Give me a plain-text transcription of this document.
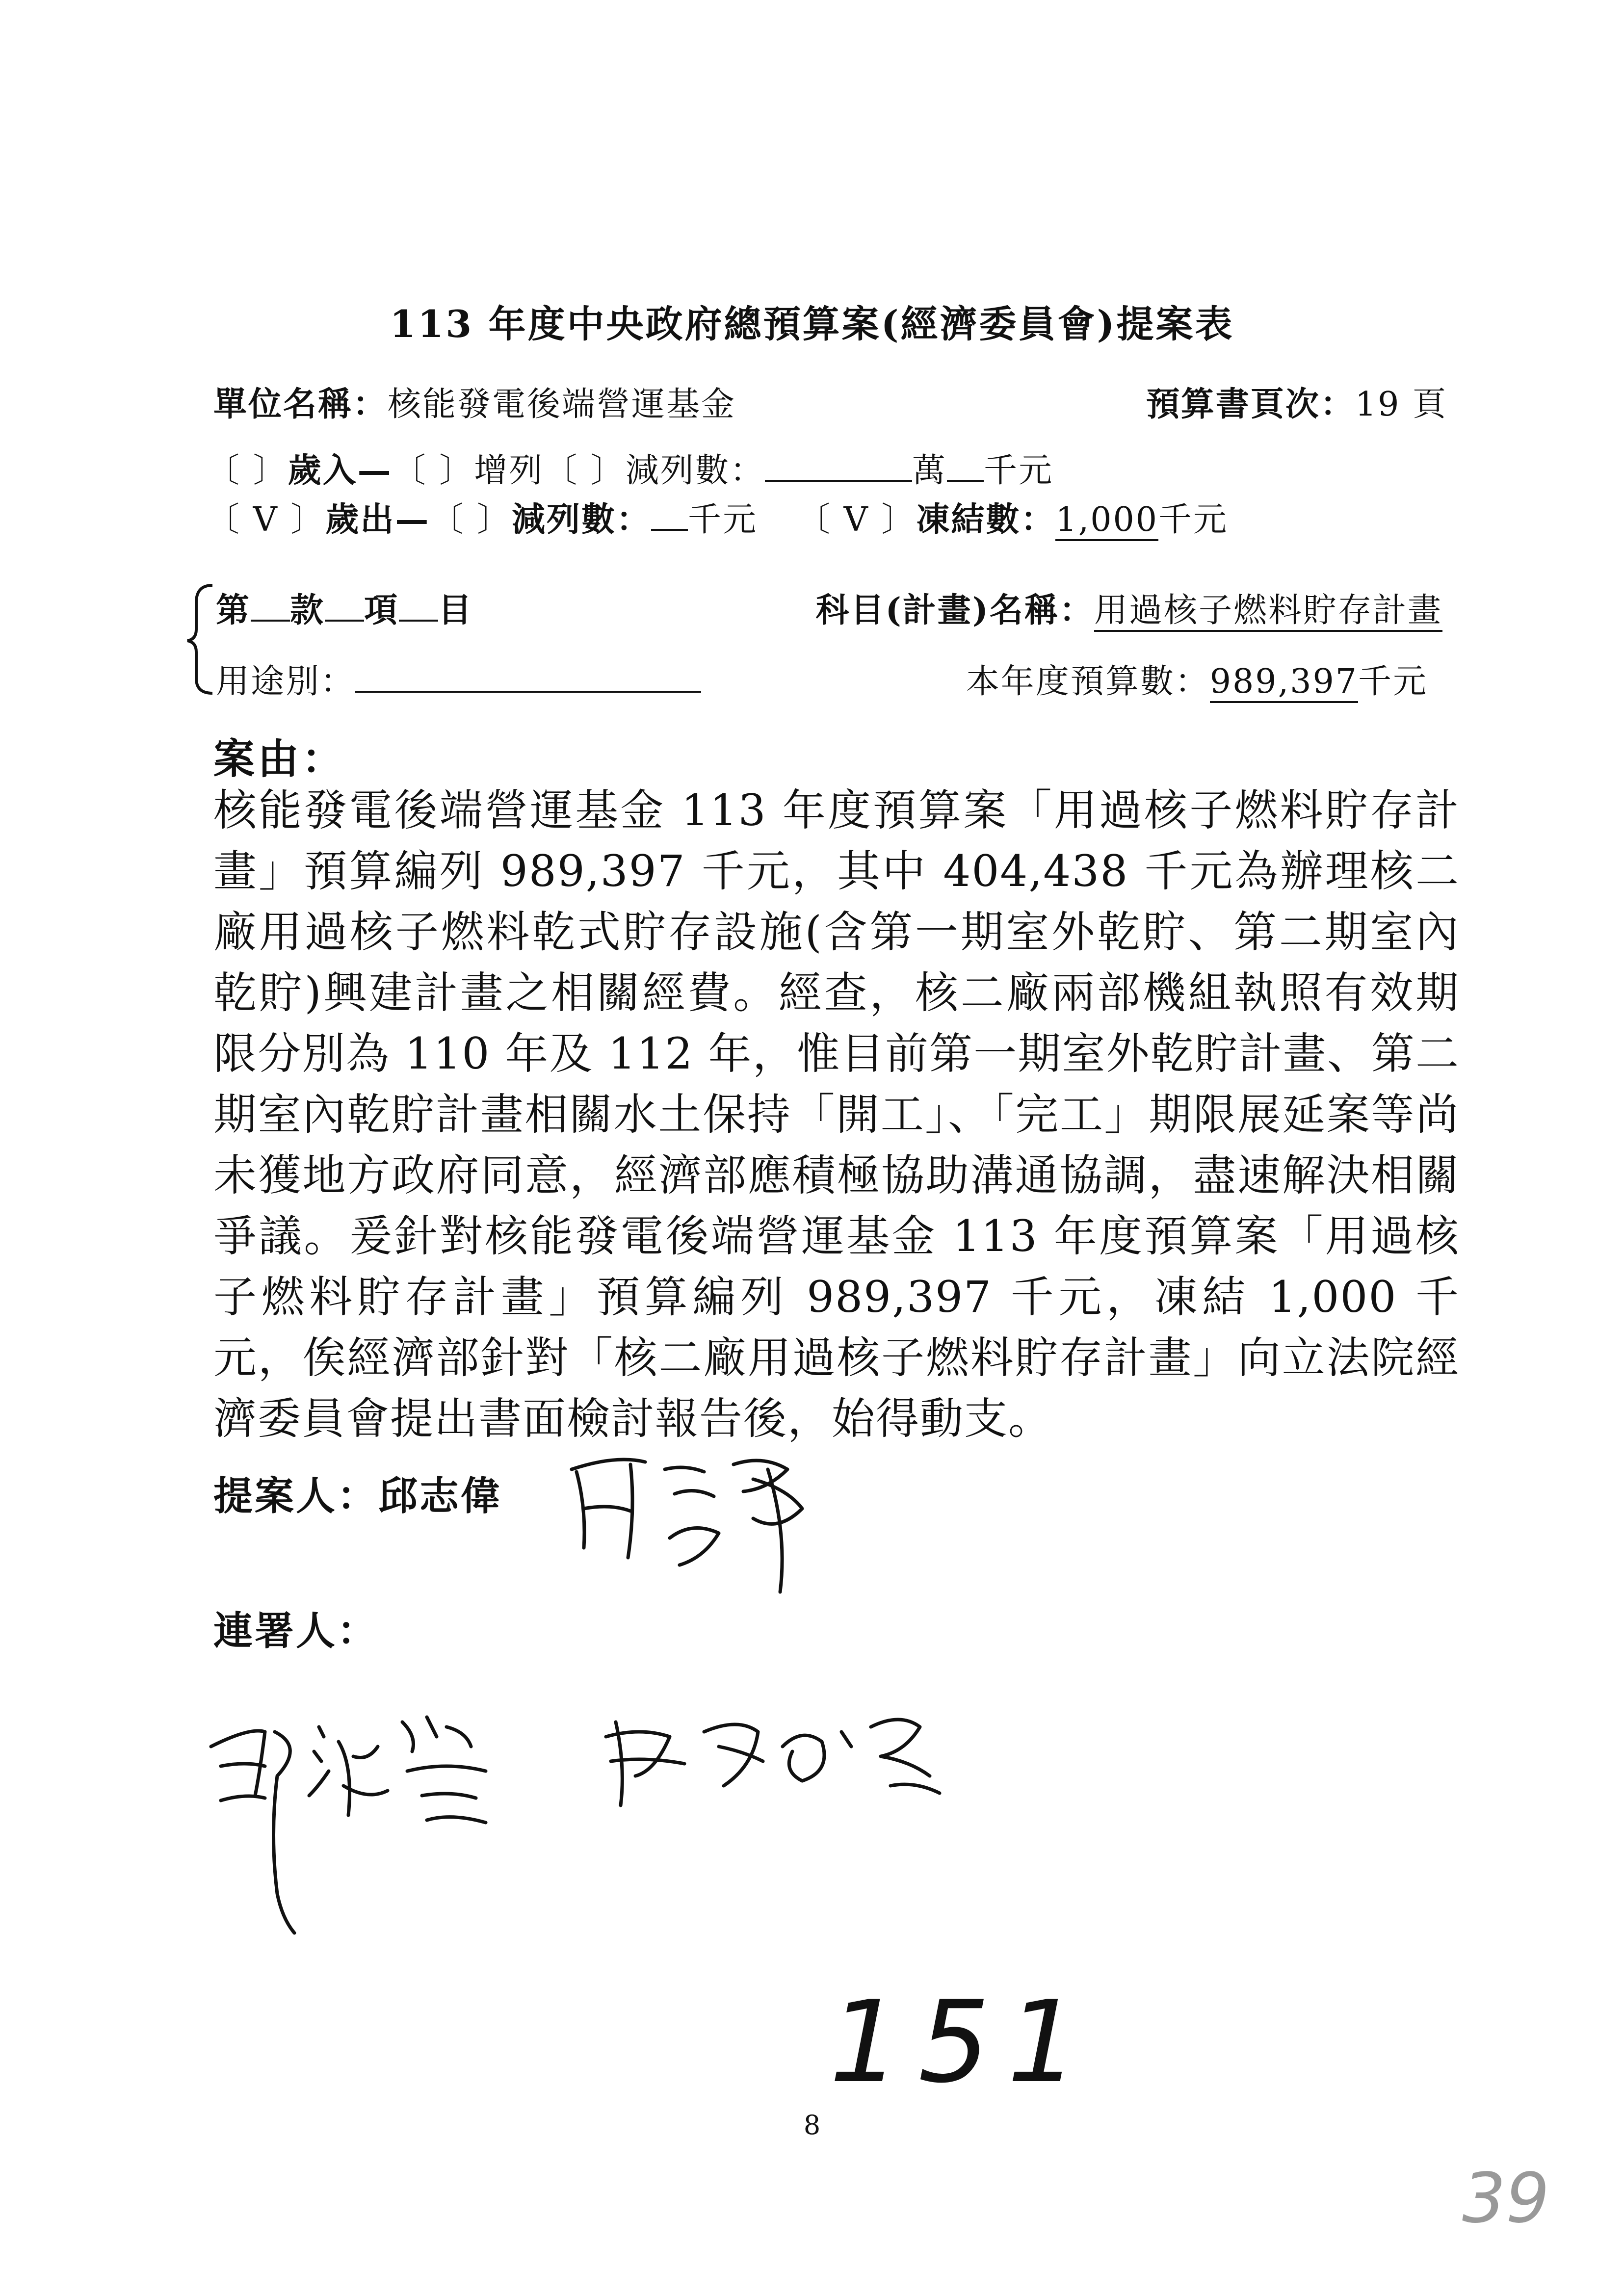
113 年度中央政府總預算案(經濟委員會)提案表
單位名稱：核能發電後端營運基金	預算書頁次：19 頁
〔 〕歲入—〔 〕增列〔 〕減列數：	萬 千元
〔 V 〕歲出—〔 〕減列數： 千元 〔 V 〕凍結數：1,000千元
第 款 項 目	科目(計畫)名稱：用過核子燃料貯存計畫
用途別：	本年度預算數：989,397千元
案由：
核能發電後端營運基金 113 年度預算案「用過核子燃料貯存計畫」預算編列 989,397 千元，其中 404,438 千元為辦理核二廠用過核子燃料乾式貯存設施(含第一期室外乾貯、第二期室內乾貯)興建計畫之相關經費。經查，核二廠兩部機組執照有效期限分別為 110 年及 112 年，惟目前第一期室外乾貯計畫、第二期室內乾貯計畫相關水土保持「開工」、「完工」期限展延案等尚未獲地方政府同意，經濟部應積極協助溝通協調，盡速解決相關爭議。爰針對核能發電後端營運基金 113 年度預算案「用過核子燃料貯存計畫」預算編列 989,397 千元，凍結 1,000 千元，俟經濟部針對「核二廠用過核子燃料貯存計畫」向立法院經濟委員會提出書面檢討報告後，始得動支。
提案人：邱志偉
連署人：
151
8
39
